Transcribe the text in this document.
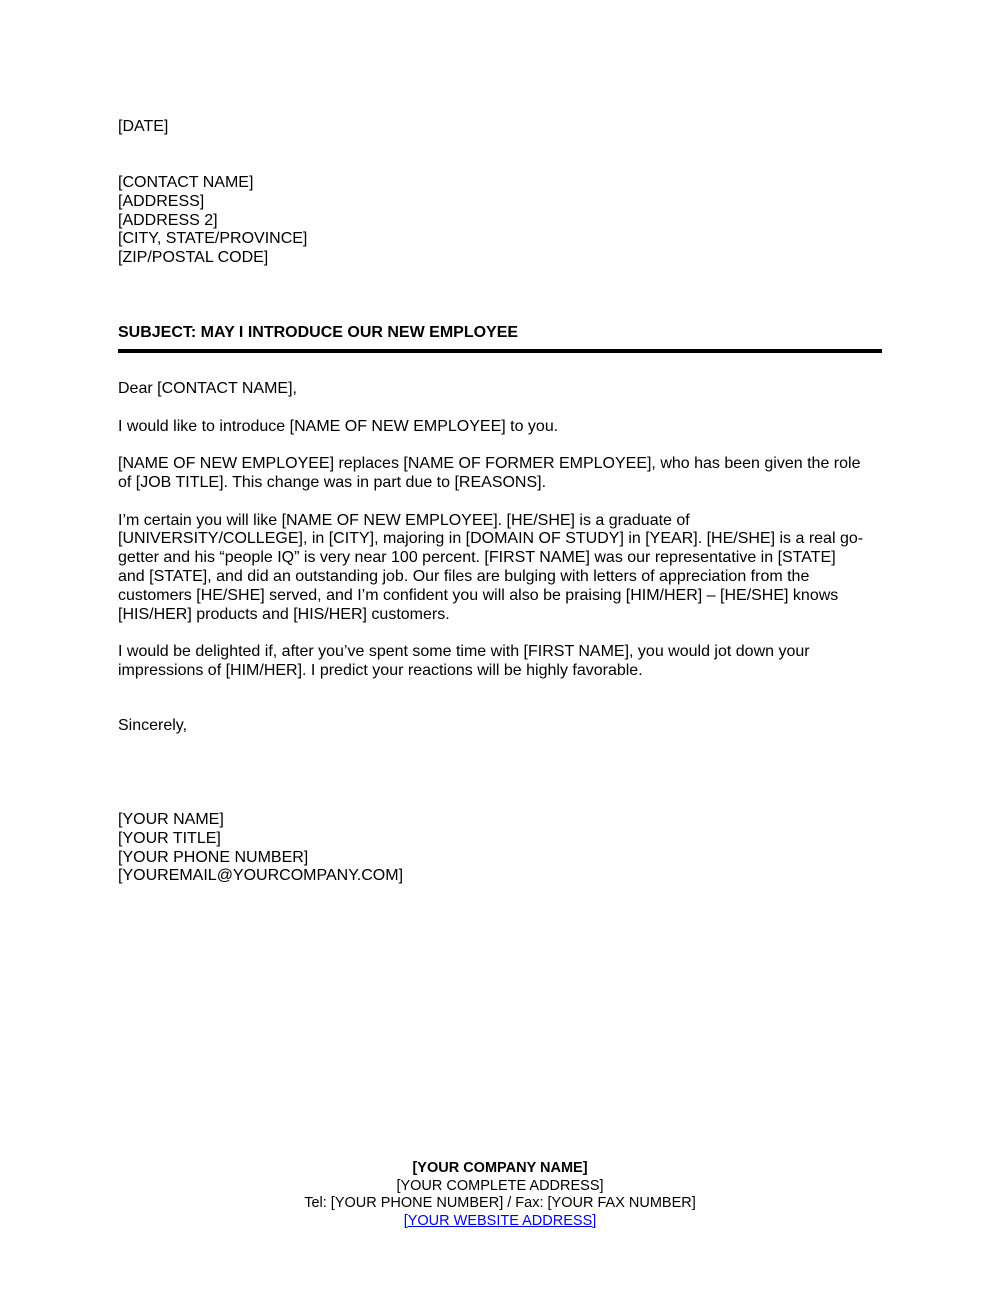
[DATE]
[CONTACT NAME]
[ADDRESS]
[ADDRESS 2]
[CITY, STATE/PROVINCE]
[ZIP/POSTAL CODE]
SUBJECT: MAY I INTRODUCE OUR NEW EMPLOYEE

Dear [CONTACT NAME],

I would like to introduce [NAME OF NEW EMPLOYEE] to you.

[NAME OF NEW EMPLOYEE] replaces [NAME OF FORMER EMPLOYEE], who has been given the role
of [JOB TITLE]. This change was in part due to [REASONS].

I’m certain you will like [NAME OF NEW EMPLOYEE]. [HE/SHE] is a graduate of
[UNIVERSITY/COLLEGE], in [CITY], majoring in [DOMAIN OF STUDY] in [YEAR]. [HE/SHE] is a real go-
getter and his “people IQ” is very near 100 percent. [FIRST NAME] was our representative in [STATE]
and [STATE], and did an outstanding job. Our files are bulging with letters of appreciation from the
customers [HE/SHE] served, and I’m confident you will also be praising [HIM/HER] – [HE/SHE] knows
[HIS/HER] products and [HIS/HER] customers.

I would be delighted if, after you’ve spent some time with [FIRST NAME], you would jot down your
impressions of [HIM/HER]. I predict your reactions will be highly favorable.

Sincerely,
[YOUR NAME]
[YOUR TITLE]
[YOUR PHONE NUMBER]
[YOUREMAIL@YOURCOMPANY.COM]
[YOUR COMPANY NAME]
[YOUR COMPLETE ADDRESS]
Tel: [YOUR PHONE NUMBER] / Fax: [YOUR FAX NUMBER]
[YOUR WEBSITE ADDRESS]
